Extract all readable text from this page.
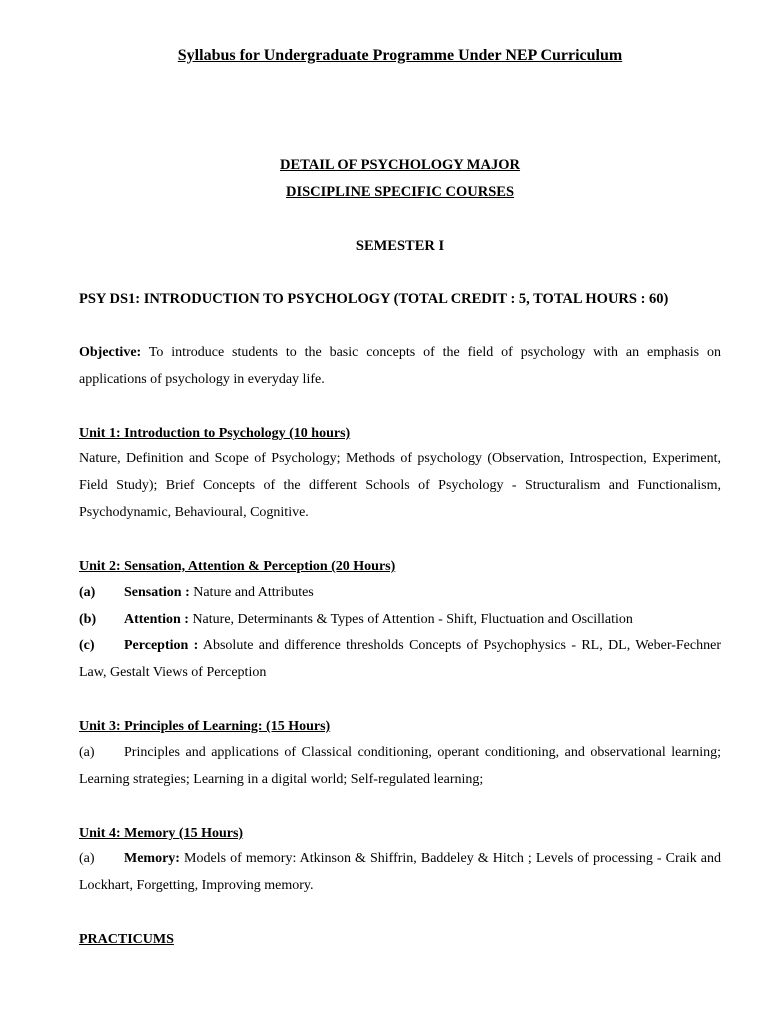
Syllabus for Undergraduate Programme Under NEP Curriculum

DETAIL OF PSYCHOLOGY MAJOR

DISCIPLINE SPECIFIC COURSES

SEMESTER I

PSY DS1: INTRODUCTION TO PSYCHOLOGY (TOTAL CREDIT : 5, TOTAL HOURS : 60)

Objective: To introduce students to the basic concepts of the field of psychology with an emphasis on applications of psychology in everyday life.

Unit 1: Introduction to Psychology (10 hours)

Nature, Definition and Scope of Psychology; Methods of psychology (Observation, Introspection, Experiment, Field Study); Brief Concepts of the different Schools of Psychology - Structuralism and Functionalism, Psychodynamic, Behavioural, Cognitive.

Unit 2: Sensation, Attention & Perception (20 Hours)

(a) Sensation : Nature and Attributes

(b) Attention : Nature, Determinants & Types of Attention - Shift, Fluctuation and Oscillation

(c) Perception : Absolute and difference thresholds Concepts of Psychophysics - RL, DL, Weber-Fechner Law, Gestalt Views of Perception

Unit 3: Principles of Learning: (15 Hours)

(a) Principles and applications of Classical conditioning, operant conditioning, and observational learning; Learning strategies; Learning in a digital world; Self-regulated learning;

Unit 4: Memory (15 Hours)

(a) Memory: Models of memory: Atkinson & Shiffrin, Baddeley & Hitch ; Levels of processing - Craik and Lockhart, Forgetting, Improving memory.

PRACTICUMS
